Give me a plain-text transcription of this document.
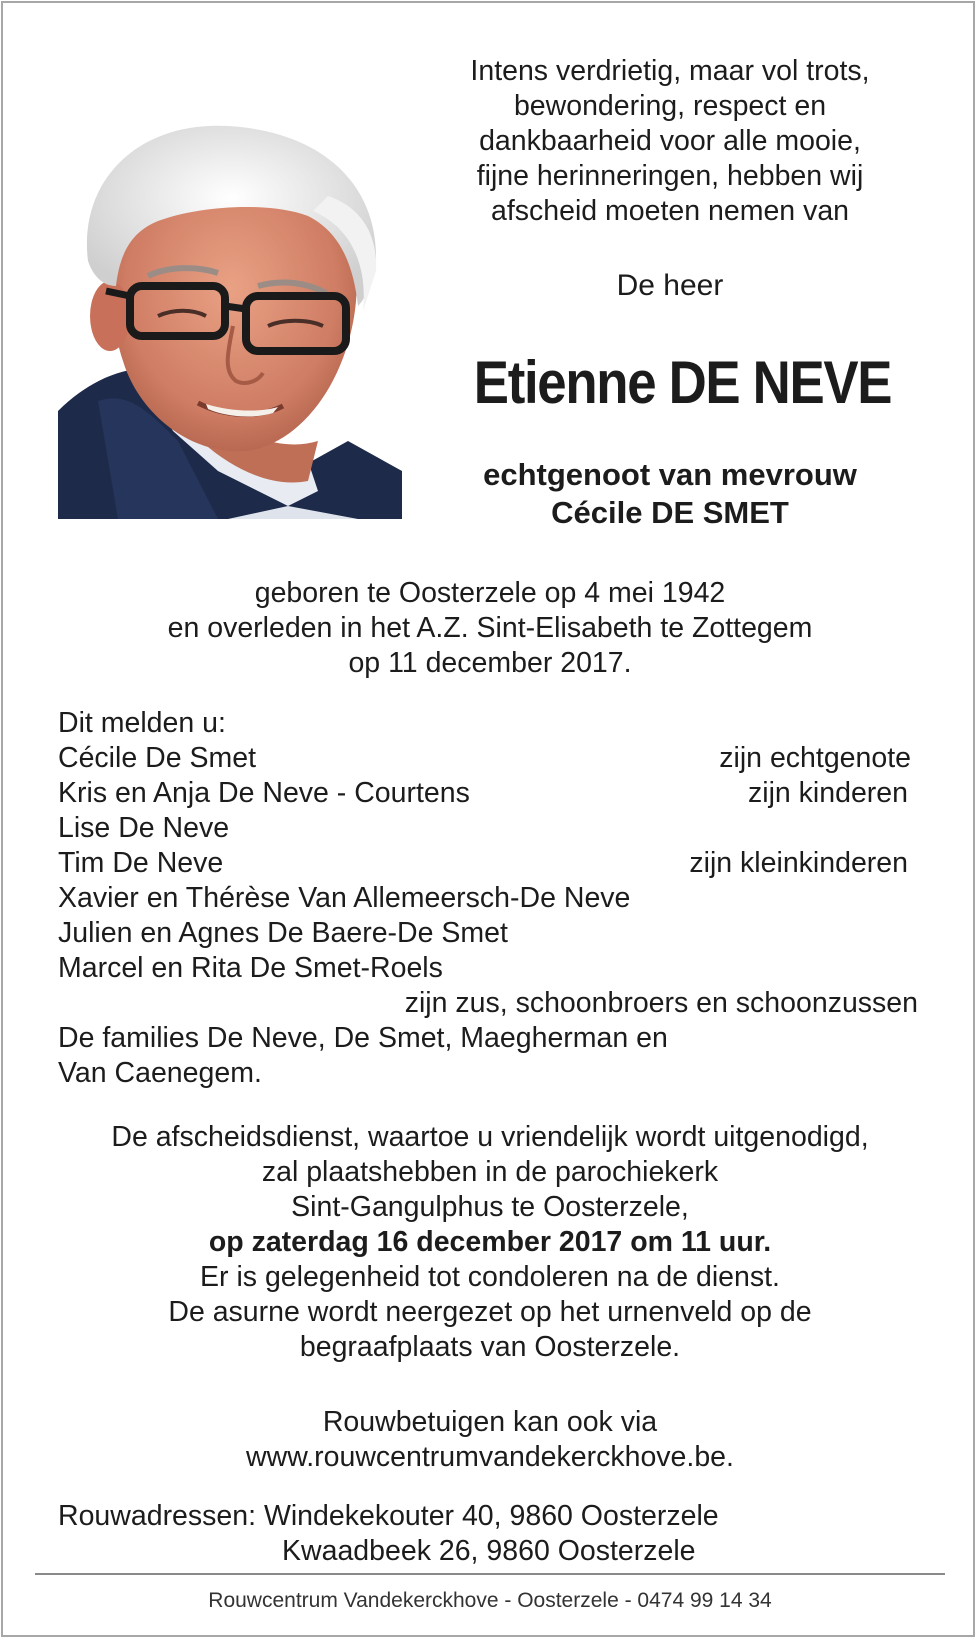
Intens verdrietig, maar vol trots,
bewondering, respect en
dankbaarheid voor alle mooie,
fijne herinneringen, hebben wij
afscheid moeten nemen van
De heer
Etienne DE NEVE
echtgenoot van mevrouw
Cécile DE SMET
geboren te Oosterzele op 4 mei 1942
en overleden in het A.Z. Sint-Elisabeth te Zottegem
op 11 december 2017.
Dit melden u:
Cécile De Smet	zijn echtgenote
Kris en Anja De Neve - Courtens	zijn kinderen
Lise De Neve
Tim De Neve	zijn kleinkinderen
Xavier en Thérèse Van Allemeersch-De Neve
Julien en Agnes De Baere-De Smet
Marcel en Rita De Smet-Roels
zijn zus, schoonbroers en schoonzussen
De families De Neve, De Smet, Maegherman en
Van Caenegem.
De afscheidsdienst, waartoe u vriendelijk wordt uitgenodigd,
zal plaatshebben in de parochiekerk
Sint-Gangulphus te Oosterzele,
op zaterdag 16 december 2017 om 11 uur.
Er is gelegenheid tot condoleren na de dienst.
De asurne wordt neergezet op het urnenveld op de
begraafplaats van Oosterzele.
Rouwbetuigen kan ook via
www.rouwcentrumvandekerckhove.be.
Rouwadressen: Windekekouter 40, 9860 Oosterzele
Kwaadbeek 26, 9860 Oosterzele
Rouwcentrum Vandekerckhove - Oosterzele - 0474 99 14 34
